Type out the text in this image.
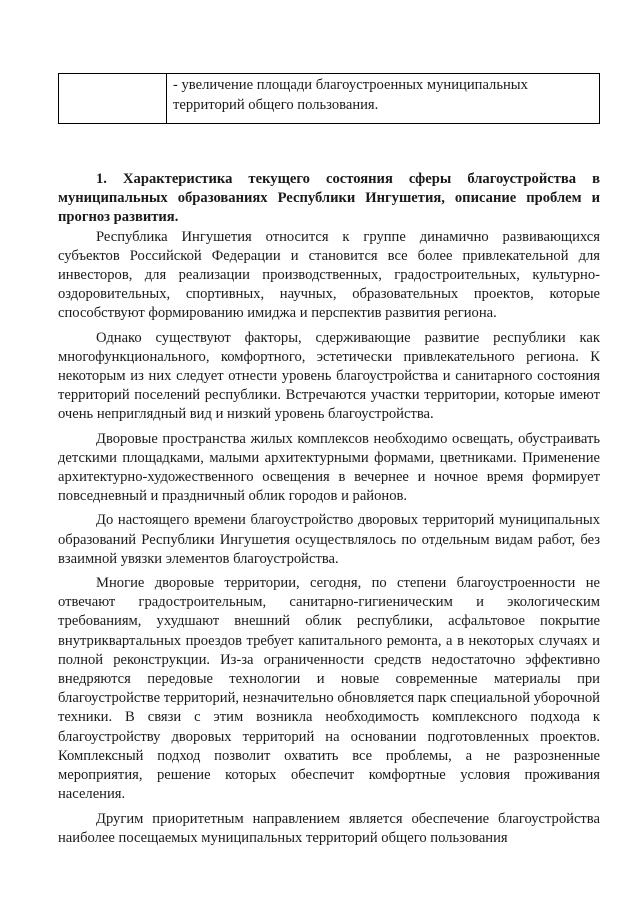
	- увеличение площади благоустроенных муниципальных территорий общего пользования.
1. Характеристика текущего состояния сферы благоустройства в муниципальных образованиях Республики Ингушетия, описание проблем и прогноз развития.

Республика Ингушетия относится к группе динамично развивающихся субъектов Российской Федерации и становится все более привлекательной для инвесторов, для реализации производственных, градостроительных, культурно-оздоровительных, спортивных, научных, образовательных проектов, которые способствуют формированию имиджа и перспектив развития региона.

Однако существуют факторы, сдерживающие развитие республики как многофункционального, комфортного, эстетически привлекательного региона. К некоторым из них следует отнести уровень благоустройства и санитарного состояния территорий поселений республики. Встречаются участки территории, которые имеют очень неприглядный вид и низкий уровень благоустройства.

Дворовые пространства жилых комплексов необходимо освещать, обустраивать детскими площадками, малыми архитектурными формами, цветниками. Применение архитектурно-художественного освещения в вечернее и ночное время формирует повседневный и праздничный облик городов и районов.

До настоящего времени благоустройство дворовых территорий муниципальных образований Республики Ингушетия осуществлялось по отдельным видам работ, без взаимной увязки элементов благоустройства.

Многие дворовые территории, сегодня, по степени благоустроенности не отвечают градостроительным, санитарно-гигиеническим и экологическим требованиям, ухудшают внешний облик республики, асфальтовое покрытие внутриквартальных проездов требует капитального ремонта, а в некоторых случаях и полной реконструкции. Из-за ограниченности средств недостаточно эффективно внедряются передовые технологии и новые современные материалы при благоустройстве территорий, незначительно обновляется парк специальной уборочной техники. В связи с этим возникла необходимость комплексного подхода к благоустройству дворовых территорий на основании подготовленных проектов. Комплексный подход позволит охватить все проблемы, а не разрозненные мероприятия, решение которых обеспечит комфортные условия проживания населения.

Другим приоритетным направлением является обеспечение благоустройства наиболее посещаемых муниципальных территорий общего пользования
